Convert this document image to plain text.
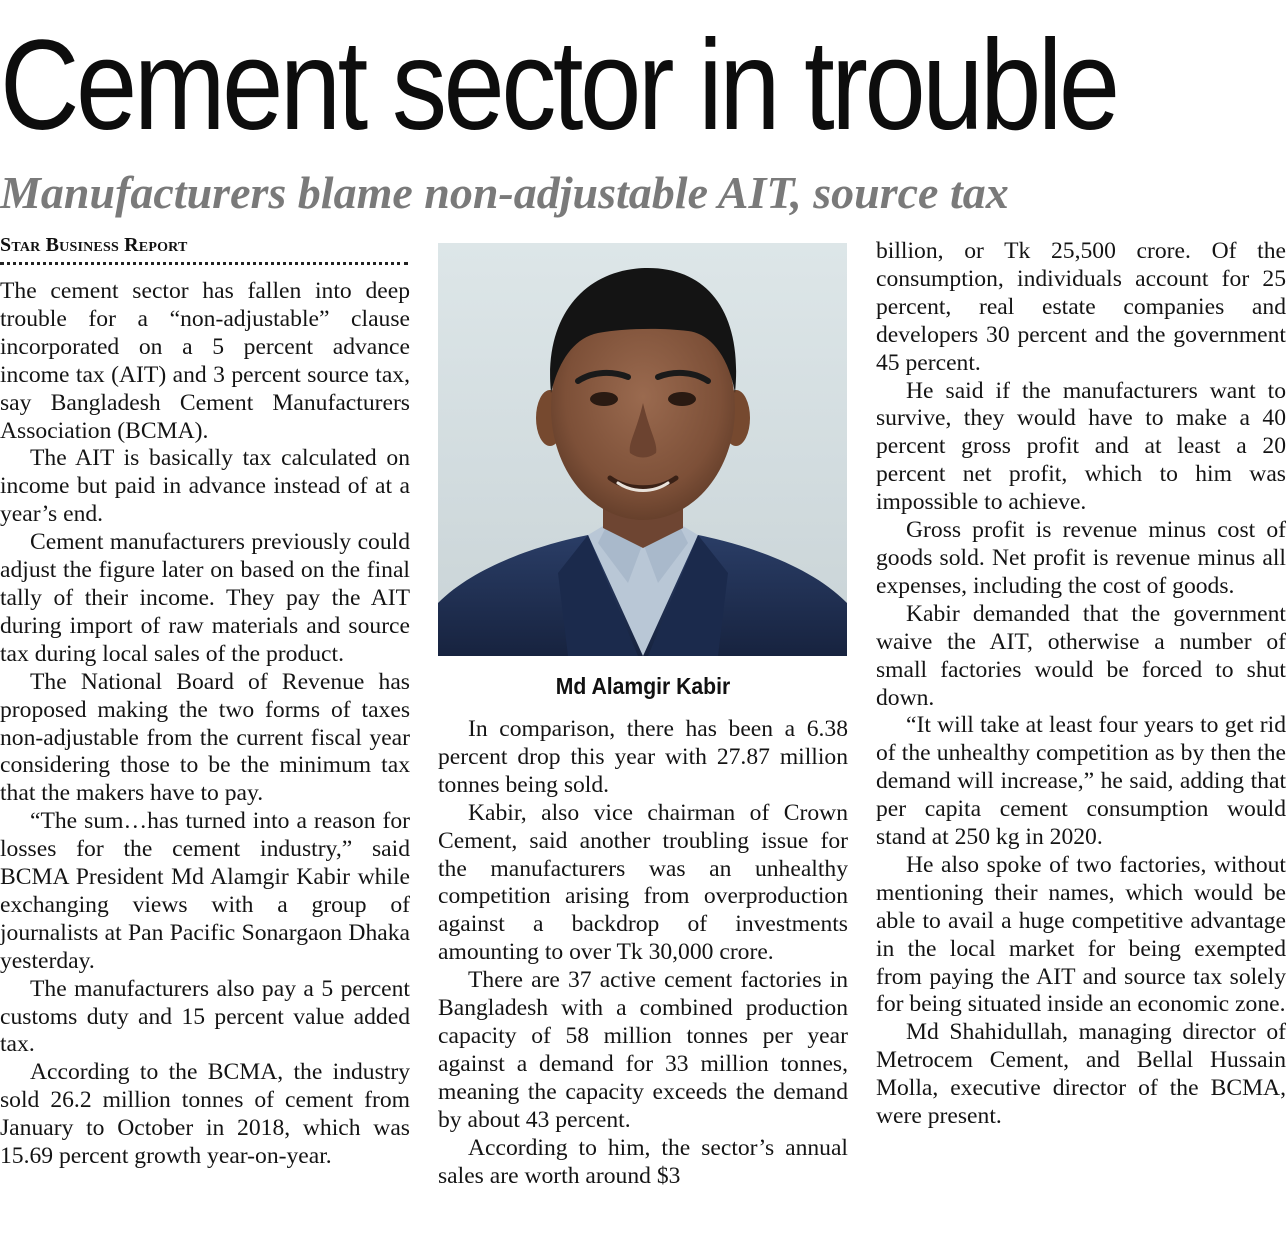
Cement sector in trouble
Manufacturers blame non-adjustable AIT, source tax
Star Business Report

The cement sector has fallen into deep trouble for a “non-adjustable” clause incorporated on a 5 percent advance income tax (AIT) and 3 percent source tax, say Bangladesh Cement Manufacturers Association (BCMA).

The AIT is basically tax calculated on income but paid in advance instead of at a year’s end.

Cement manufacturers previously could adjust the figure later on based on the final tally of their income. They pay the AIT during import of raw materials and source tax during local sales of the product.

The National Board of Revenue has proposed making the two forms of taxes non-adjustable from the current fiscal year considering those to be the minimum tax that the makers have to pay.

“The sum…has turned into a reason for losses for the cement industry,” said BCMA President Md Alamgir Kabir while exchanging views with a group of journalists at Pan Pacific Sonargaon Dhaka yesterday.

The manufacturers also pay a 5 percent customs duty and 15 percent value added tax.

According to the BCMA, the industry sold 26.2 million tonnes of cement from January to October in 2018, which was 15.69 percent growth year-on-year.

Md Alamgir Kabir

In comparison, there has been a 6.38 percent drop this year with 27.87 million tonnes being sold.

Kabir, also vice chairman of Crown Cement, said another troubling issue for the manufacturers was an unhealthy competition arising from overproduction against a backdrop of investments amounting to over Tk 30,000 crore.

There are 37 active cement factories in Bangladesh with a combined production capacity of 58 million tonnes per year against a demand for 33 million tonnes, meaning the capacity exceeds the demand by about 43 percent.

According to him, the sector’s annual sales are worth around $3

billion, or Tk 25,500 crore. Of the consumption, individuals account for 25 percent, real estate companies and developers 30 percent and the government 45 percent.

He said if the manufacturers want to survive, they would have to make a 40 percent gross profit and at least a 20 percent net profit, which to him was impossible to achieve.

Gross profit is revenue minus cost of goods sold. Net profit is revenue minus all expenses, including the cost of goods.

Kabir demanded that the government waive the AIT, otherwise a number of small factories would be forced to shut down.

“It will take at least four years to get rid of the unhealthy competition as by then the demand will increase,” he said, adding that per capita cement consumption would stand at 250 kg in 2020.

He also spoke of two factories, without mentioning their names, which would be able to avail a huge competitive advantage in the local market for being exempted from paying the AIT and source tax solely for being situated inside an economic zone.

Md Shahidullah, managing director of Metrocem Cement, and Bellal Hussain Molla, executive director of the BCMA, were present.
